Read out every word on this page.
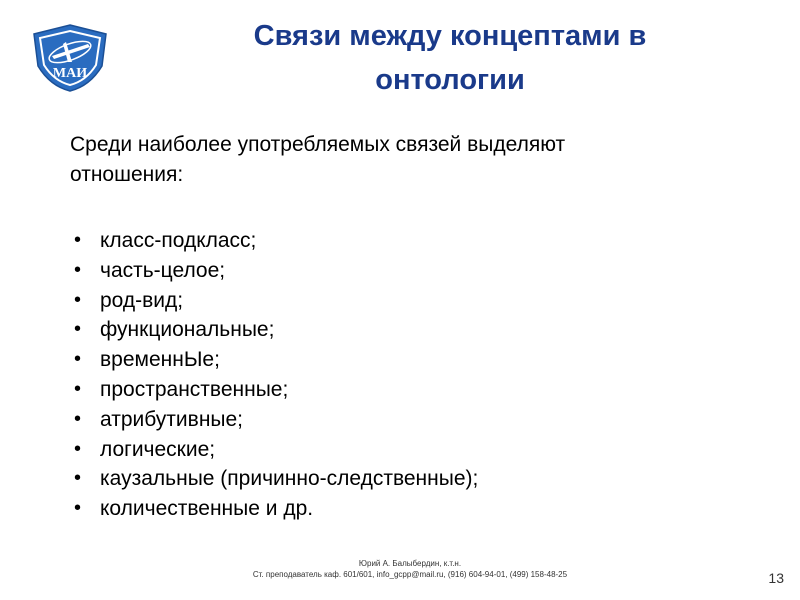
МАИ
Связи между концептами в
онтологии
Среди наиболее употребляемых связей выделяют
отношения:
• класс-подкласс;
• часть-целое;
• род-вид;
• функциональные;
• временнЫе;
• пространственные;
• атрибутивные;
• логические;
• каузальные (причинно-следственные);
• количественные и др.
Юрий А. Балыбердин, к.т.н.
Ст. преподаватель каф. 601/601, info_gcpp@mail.ru, (916) 604-94-01, (499) 158-48-25	13
